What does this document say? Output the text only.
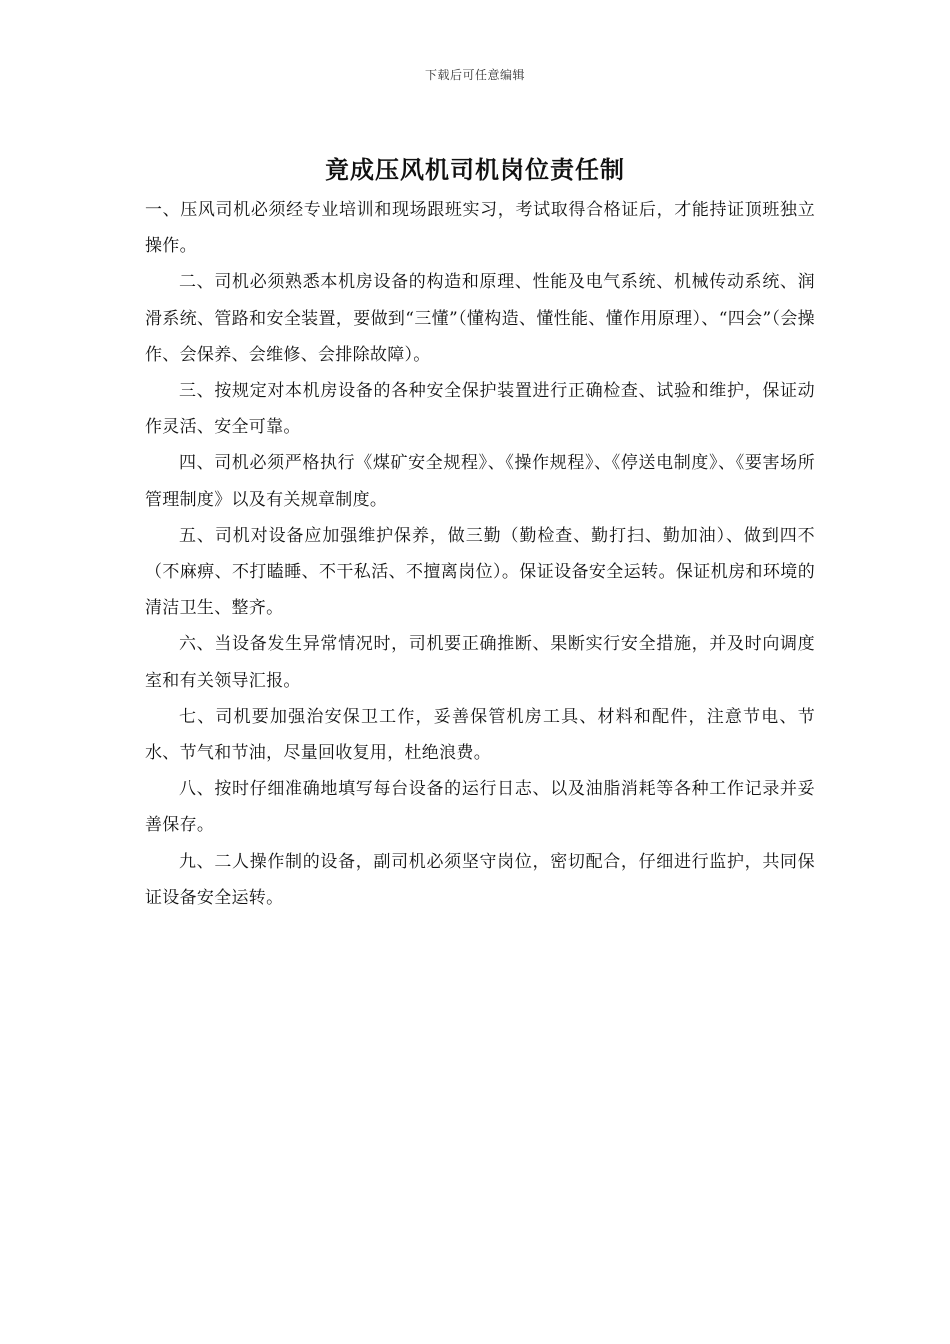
下载后可任意编辑
竟成压风机司机岗位责任制

一、压风司机必须经专业培训和现场跟班实习，考试取得合格证后，才能持证顶班独立操作。

二、司机必须熟悉本机房设备的构造和原理、性能及电气系统、机械传动系统、润滑系统、管路和安全装置，要做到“三懂”（懂构造、懂性能、懂作用原理）、“四会”（会操作、会保养、会维修、会排除故障）。

三、按规定对本机房设备的各种安全保护装置进行正确检查、试验和维护，保证动作灵活、安全可靠。

四、司机必须严格执行《煤矿安全规程》、《操作规程》、《停送电制度》、《要害场所管理制度》以及有关规章制度。

五、司机对设备应加强维护保养，做三勤（勤检查、勤打扫、勤加油）、做到四不（不麻痹、不打瞌睡、不干私活、不擅离岗位）。保证设备安全运转。保证机房和环境的清洁卫生、整齐。

六、当设备发生异常情况时，司机要正确推断、果断实行安全措施，并及时向调度室和有关领导汇报。

七、司机要加强治安保卫工作，妥善保管机房工具、材料和配件，注意节电、节水、节气和节油，尽量回收复用，杜绝浪费。

八、按时仔细准确地填写每台设备的运行日志、以及油脂消耗等各种工作记录并妥善保存。

九、二人操作制的设备，副司机必须坚守岗位，密切配合，仔细进行监护，共同保证设备安全运转。
